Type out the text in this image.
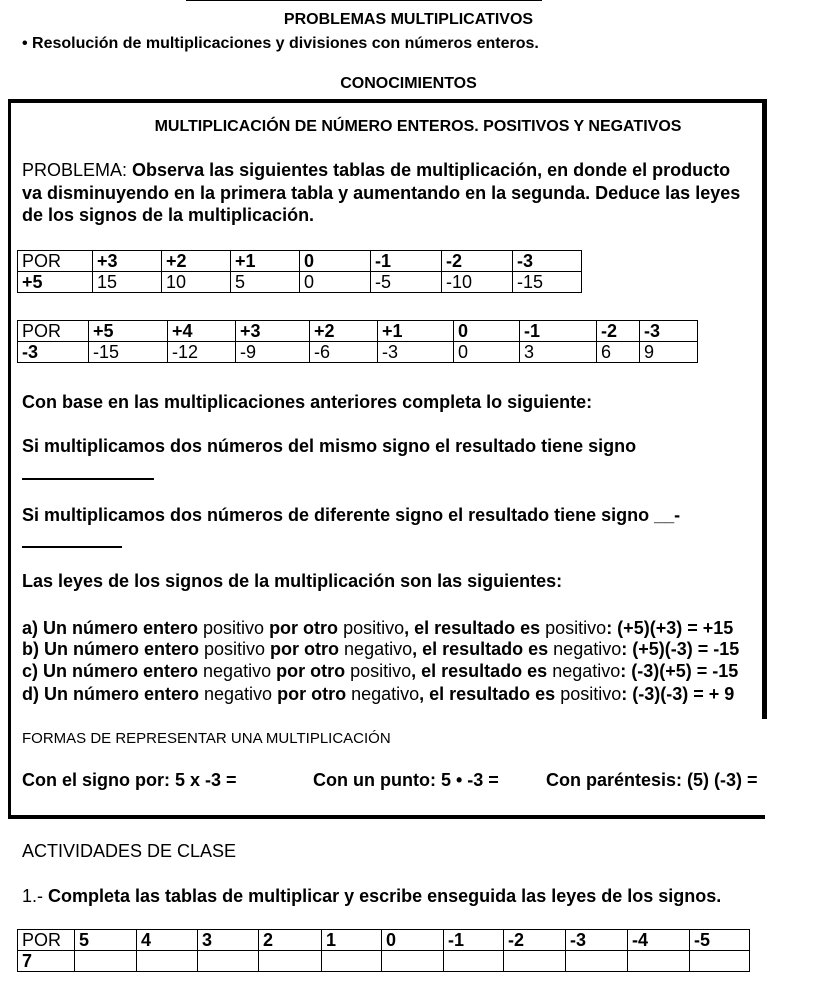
PROBLEMAS MULTIPLICATIVOS
• Resolución de multiplicaciones y divisiones con números enteros.
CONOCIMIENTOS
MULTIPLICACIÓN DE NÚMERO ENTEROS. POSITIVOS Y NEGATIVOS
PROBLEMA: Observa las siguientes tablas de multiplicación, en donde el producto
va disminuyendo en la primera tabla y aumentando en la segunda. Deduce las leyes
de los signos de la multiplicación.
POR	+3	+2	+1	0	-1	-2	-3
+5	15	10	5	0	-5	-10	-15
POR	+5	+4	+3	+2	+1	0	-1	-2	-3
-3	-15	-12	-9	-6	-3	0	3	6	9
Con base en las multiplicaciones anteriores completa lo siguiente:
Si multiplicamos dos números del mismo signo el resultado tiene signo
Si multiplicamos dos números de diferente signo el resultado tiene signo __-
Las leyes de los signos de la multiplicación son las siguientes:
a) Un número entero positivo por otro positivo, el resultado es positivo: (+5)(+3) = +15
b) Un número entero positivo por otro negativo, el resultado es negativo: (+5)(-3) = -15
c) Un número entero negativo por otro positivo, el resultado es negativo: (-3)(+5) = -15
d) Un número entero negativo por otro negativo, el resultado es positivo: (-3)(-3) = + 9
FORMAS DE REPRESENTAR UNA MULTIPLICACIÓN
Con el signo por: 5 x -3 =	Con un punto: 5 • -3 =	Con paréntesis: (5) (-3) =
ACTIVIDADES DE CLASE
1.- Completa las tablas de multiplicar y escribe enseguida las leyes de los signos.
POR	5	4	3	2	1	0	-1	-2	-3	-4	-5
7											
